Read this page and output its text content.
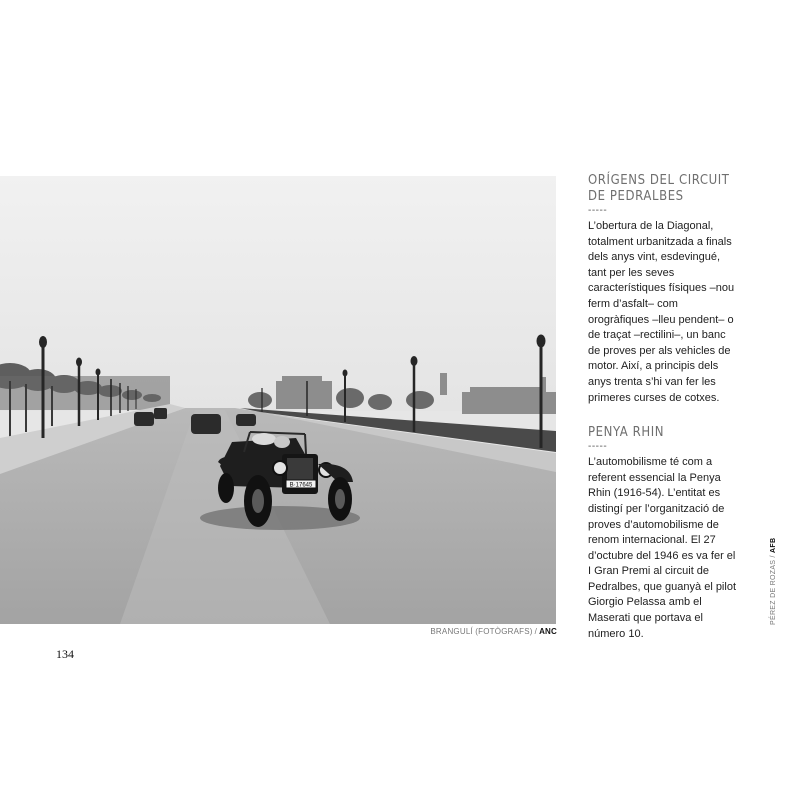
B·17645
BRANGULÍ (FOTÒGRAFS) / ANC
134
ORÍGENS DEL CIRCUIT
DE PEDRALBES
-----

L’obertura de la Diagonal, totalment urbanitzada a finals dels anys vint, esdevingué, tant per les seves característiques físiques –nou ferm d’asfalt– com orogràfiques –lleu pendent– o de traçat –rectilini–, un banc de proves per als vehicles de motor. Així, a principis dels anys trenta s’hi van fer les primeres curses de cotxes.

PENYA RHIN
-----

L’automobilisme té com a referent essencial la Penya Rhin (1916-54). L’entitat es distingí per l’organització de proves d’automobilisme de renom internacional. El 27 d’octubre del 1946 es va fer el I Gran Premi al circuit de Pedralbes, que guanyà el pilot Giorgio Pelassa amb el Maserati que portava el número 10.

PÉREZ DE ROZAS / AFB
